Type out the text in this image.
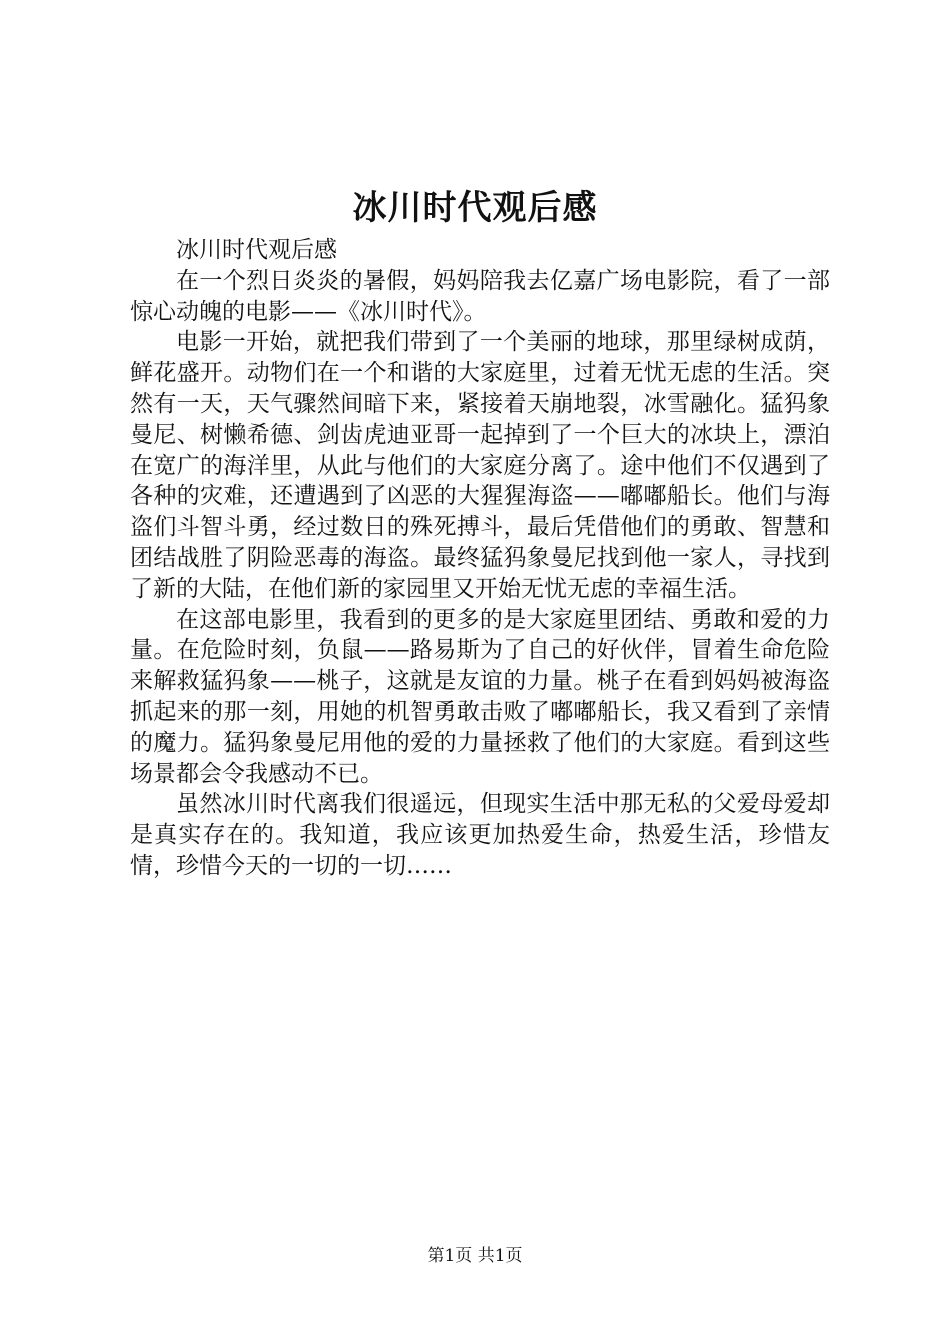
冰川时代观后感

冰川时代观后感

在一个烈日炎炎的暑假，妈妈陪我去亿嘉广场电影院，看了一部惊心动魄的电影——《冰川时代》。

电影一开始，就把我们带到了一个美丽的地球，那里绿树成荫，鲜花盛开。动物们在一个和谐的大家庭里，过着无忧无虑的生活。突然有一天，天气骤然间暗下来，紧接着天崩地裂，冰雪融化。猛犸象曼尼、树懒希德、剑齿虎迪亚哥一起掉到了一个巨大的冰块上，漂泊在宽广的海洋里，从此与他们的大家庭分离了。途中他们不仅遇到了各种的灾难，还遭遇到了凶恶的大猩猩海盗——嘟嘟船长。他们与海盗们斗智斗勇，经过数日的殊死搏斗，最后凭借他们的勇敢、智慧和团结战胜了阴险恶毒的海盗。最终猛犸象曼尼找到他一家人，寻找到了新的大陆，在他们新的家园里又开始无忧无虑的幸福生活。

在这部电影里，我看到的更多的是大家庭里团结、勇敢和爱的力量。在危险时刻，负鼠——路易斯为了自己的好伙伴，冒着生命危险来解救猛犸象——桃子，这就是友谊的力量。桃子在看到妈妈被海盗抓起来的那一刻，用她的机智勇敢击败了嘟嘟船长，我又看到了亲情的魔力。猛犸象曼尼用他的爱的力量拯救了他们的大家庭。看到这些场景都会令我感动不已。

虽然冰川时代离我们很遥远，但现实生活中那无私的父爱母爱却是真实存在的。我知道，我应该更加热爱生命，热爱生活，珍惜友情，珍惜今天的一切的一切……

第1页 共1页
